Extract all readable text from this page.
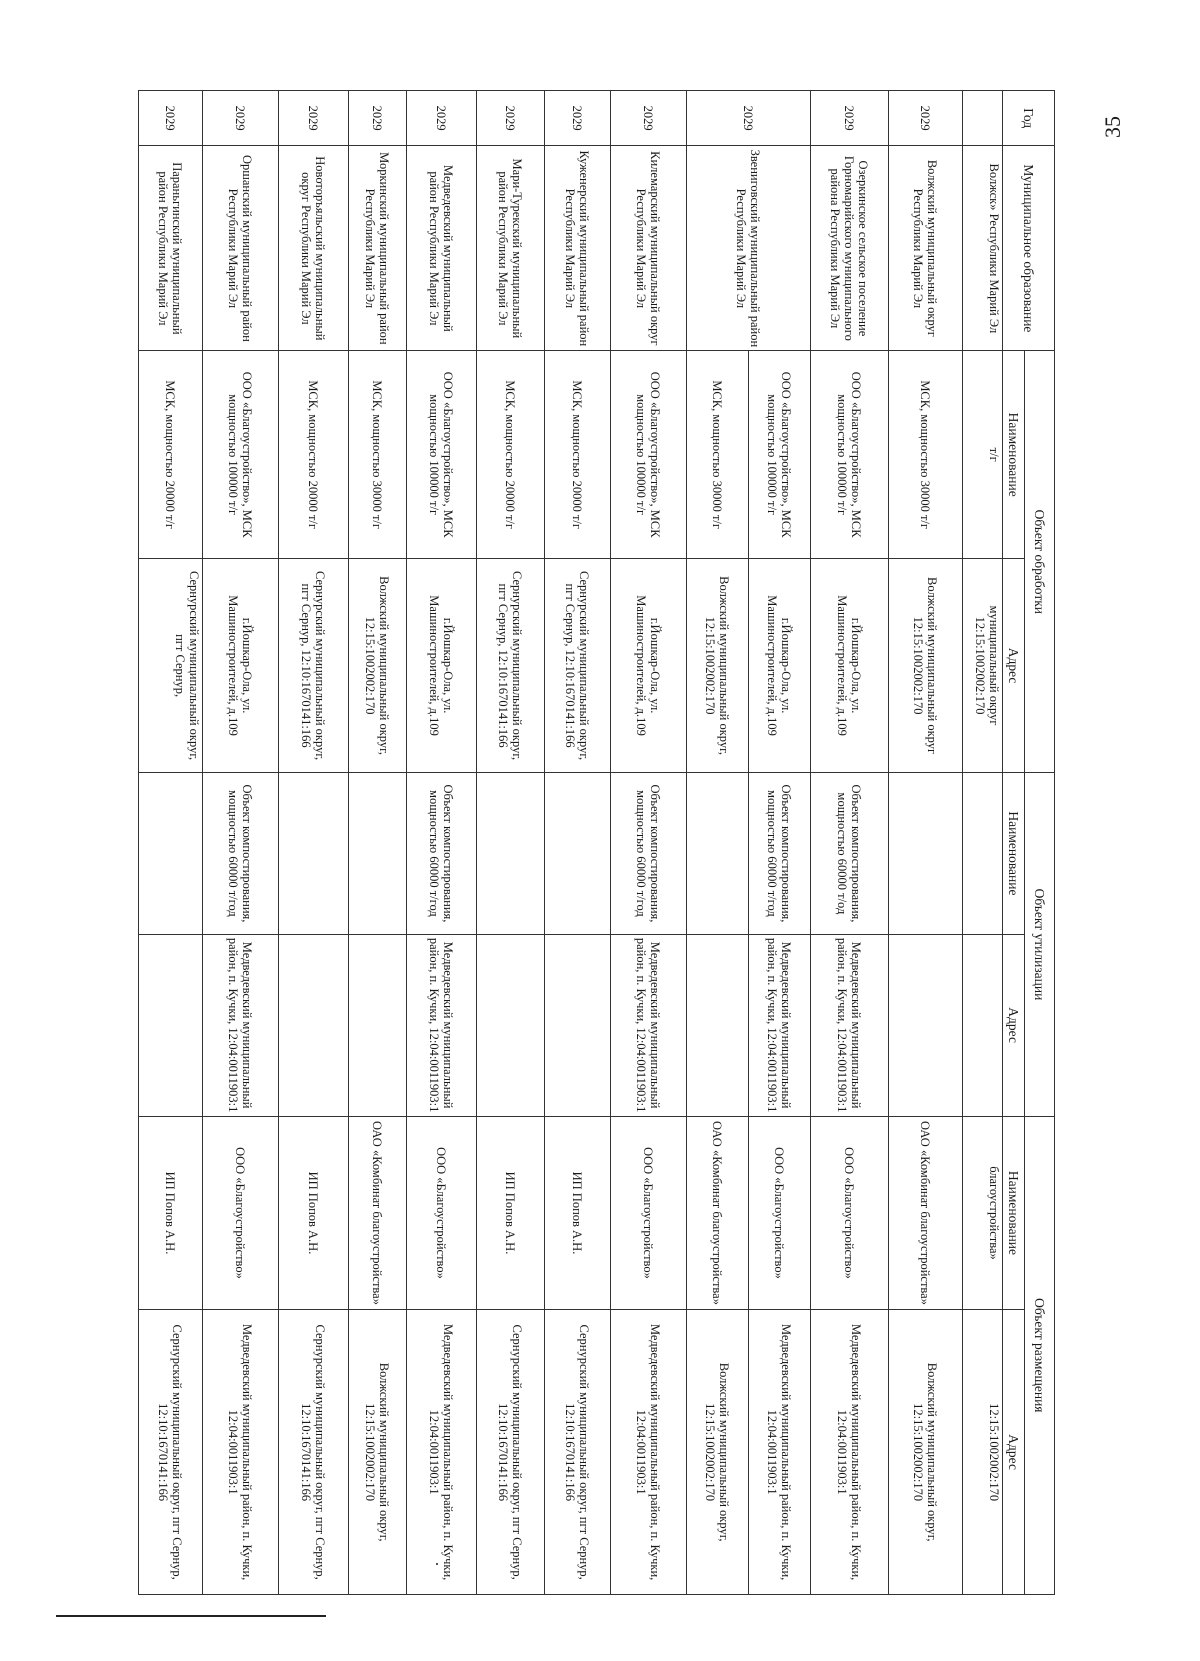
35
Год	Муниципальное образование	Объект обработки		Объект утилизации		Объект размещения	
		Наименование	Адрес	Наименование	Адрес	Наименование	Адрес
	Волжск» Республики Марий Эл	т/г	муниципальный округ 12:15:1002002:170			благоустройства»	12:15:1002002:170
2029	Волжский муниципальный округ Республики Марий Эл	МСК, мощностью 30000 т/г	Волжский муниципальный округ 12:15:1002002:170			ОАО «Комбинат благоустройства»	Волжский муниципальный округ, 12:15:1002002:170
2029	Озеркинское сельское поселение Горномарийского муниципального района Республики Марий Эл	ООО «Благоустройство», МСК мощностью 100000 т/г	г.Йошкар-Ола, ул. Машиностроителей, д.109	Объект компостирования, мощностью 60000 т/од	Медведевский муниципальный район, п. Кучки, 12:04:0011903:1	ООО «Благоустройство»	Медведевский муниципальный район, п. Кучки, 12:04:0011903:1
2029	Звениговский муниципальный район Республики Марий Эл	ООО «Благоустройство», МСК мощностью 100000 т/г	г.Йошкар-Ола, ул. Машиностроителей, д.109	Объект компостирования, мощностью 60000 т/год	Медведевский муниципальный район, п. Кучки, 12:04:0011903:1	ООО «Благоустройство»	Медведевский муниципальный район, п. Кучки, 12:04:0011903:1
		МСК, мощностью 30000 т/г	Волжский муниципальный округ, 12:15:1002002:170			ОАО «Комбинат благоустройства»	Волжский муниципальный округ, 12:15:1002002:170
2029	Килемарский муниципальный округ Республики Марий Эл	ООО «Благоустройство», МСК мощностью 100000 т/г	г.Йошкар-Ола, ул. Машиностроителей, д.109	Объект компостирования, мощностью 60000 т/год	Медведевский муниципальный район, п. Кучки, 12:04:0011903:1	ООО «Благоустройство»	Медведевский муниципальный район, п. Кучки, 12:04:0011903:1
2029	Куженерский муниципальный район Республики Марий Эл	МСК, мощностью 20000 т/г	Сернурский муниципальный округ, пгт Сернур, 12:10:1670141:166			ИП Попов А.Н.	Сернурский муниципальный округ, пгт Сернур, 12:10:1670141:166
2029	Мари-Турекский муниципальный район Республики Марий Эл	МСК, мощностью 20000 т/г	Сернурский муниципальный округ, пгт Сернур, 12:10:1670141:166			ИП Попов А.Н.	Сернурский муниципальный округ, пгт Сернур, 12:10:1670141:166
2029	Медведевский муниципальный район Республики Марий Эл	ООО «Благоустройство», МСК мощностью 100000 т/г	г.Йошкар-Ола, ул. Машиностроителей, д.109	Объект компостирования, мощностью 60000 т/год	Медведевский муниципальный район, п. Кучки, 12:04:0011903:1	ООО «Благоустройство»	Медведевский муниципальный район, п. Кучки, 12:04:0011903:1
2029	Моркинский муниципальный район Республики Марий Эл	МСК, мощностью 30000 т/г	Волжский муниципальный округ, 12:15:1002002:170			ОАО «Комбинат благоустройства»	Волжский муниципальный округ, 12:15:1002002:170
2029	Новоторъяльский муниципальный округ Республики Марий Эл	МСК, мощностью 20000 т/г	Сернурский муниципальный округ, пгт Сернур, 12:10:1670141:166			ИП Попов А.Н.	Сернурский муниципальный округ, пгт Сернур, 12:10:1670141:166
2029	Оршанский муниципальный район Республики Марий Эл	ООО «Благоустройство», МСК мощностью 100000 т/г	г.Йошкар-Ола, ул. Машиностроителей, д.109	Объект компостирования, мощностью 60000 т/год	Медведевский муниципальный район, п. Кучки, 12:04:0011903:1	ООО «Благоустройство»	Медведевский муниципальный район, п. Кучки, 12:04:0011903:1
2029	Параньгинский муниципальный район Республики Марий Эл	МСК, мощностью 20000 т/г	Сернурский муниципальный округ, пгт Сернур,			ИП Попов А.Н.	Сернурский муниципальный округ, пгт Сернур, 12:10:1670141:166
